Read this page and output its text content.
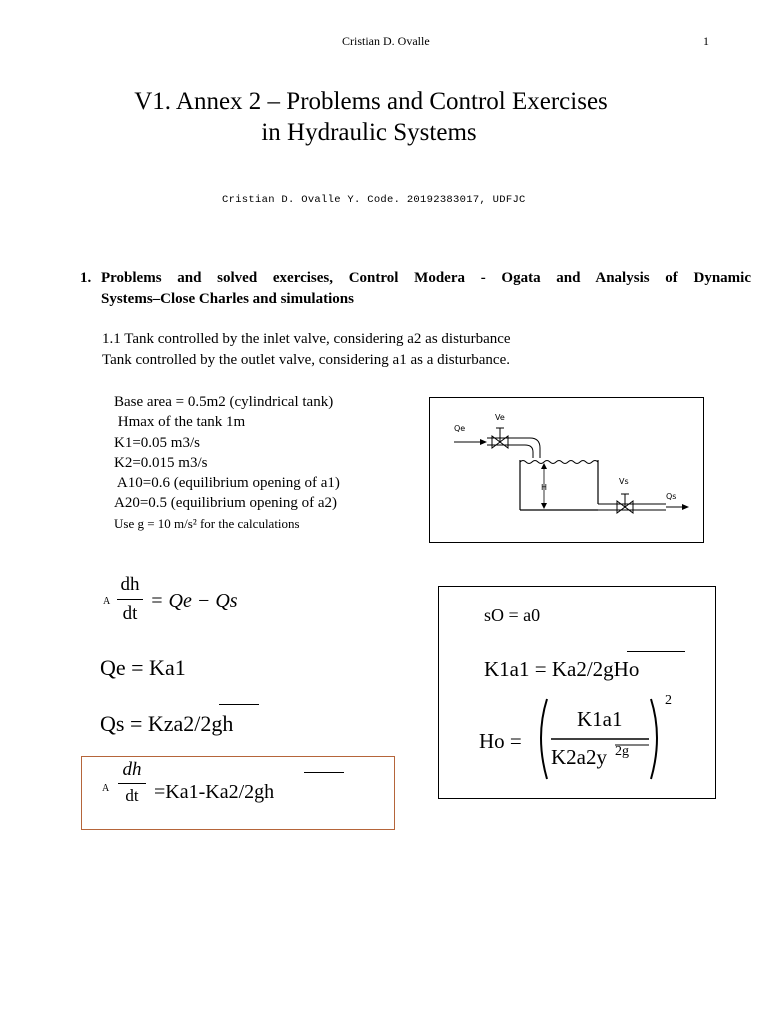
Cristian D. Ovalle	1
V1. Annex 2 – Problems and Control Exercises
in Hydraulic Systems
Cristian D. Ovalle Y. Code. 20192383017, UDFJC
1. Problems and solved exercises, Control Modera - Ogata and Analysis of Dynamic
Systems–Close Charles and simulations
1.1 Tank controlled by the inlet valve, considering a2 as disturbance
Tank controlled by the outlet valve, considering a1 as a disturbance.
Base area = 0.5m2 (cylindrical tank)
Hmax of the tank 1m
K1=0.05 m3/s
K2=0.015 m3/s
A10=0.6 (equilibrium opening of a1)
A20=0.5 (equilibrium opening of a2)
Use g = 10 m/s² for the calculations
Qe
Ve
H
Vs
Qs
A $\frac{dh}{dt} = Qe - Qs$
Qe = Ka1
Qs = Kza2/2gh
A $\frac{dh}{dt} =Ka1-Ka2/2gh$
sO = a0
K1a1 = Ka2/2gHo
Ho =
K1a1
K2a2y 2g
2
